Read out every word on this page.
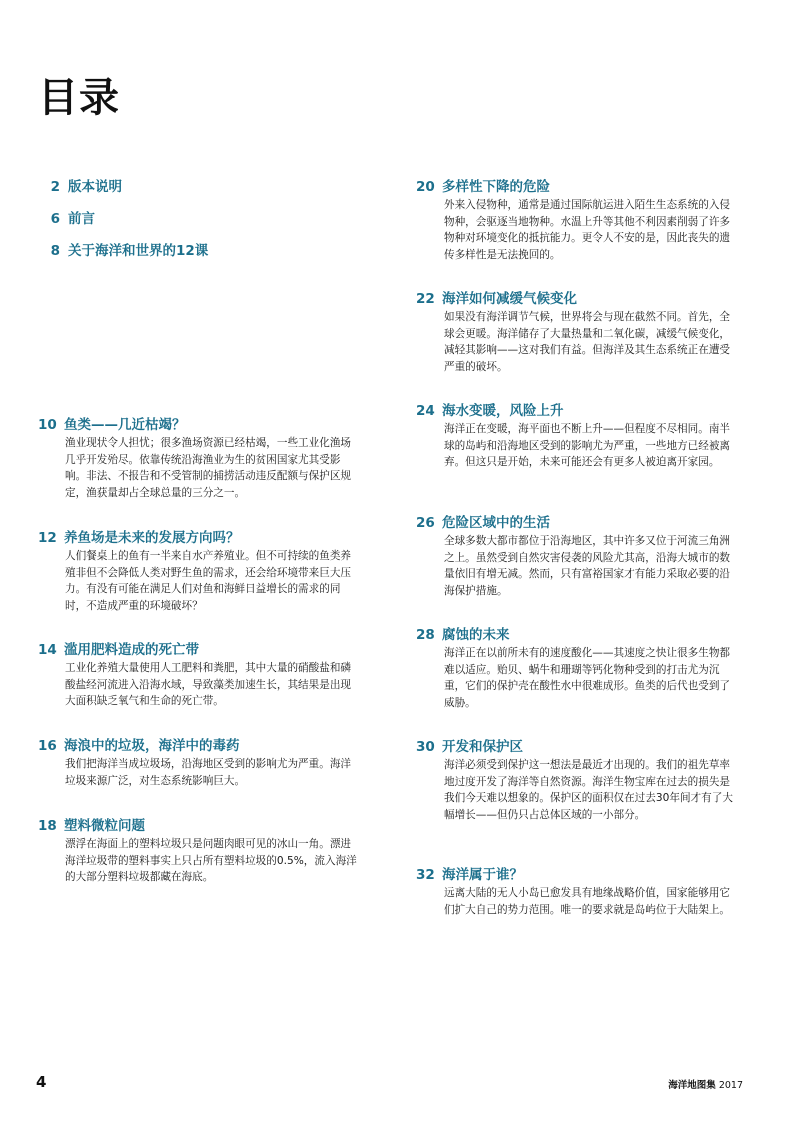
目录
2 版本说明
6 前言
8 关于海洋和世界的12课
10 鱼类——几近枯竭？
渔业现状令人担忧；很多渔场资源已经枯竭，一些工业化渔场几乎开发殆尽。依靠传统沿海渔业为生的贫困国家尤其受影响。非法、不报告和不受管制的捕捞活动违反配额与保护区规定，渔获量却占全球总量的三分之一。
12 养鱼场是未来的发展方向吗？
人们餐桌上的鱼有一半来自水产养殖业。但不可持续的鱼类养殖非但不会降低人类对野生鱼的需求，还会给环境带来巨大压力。有没有可能在满足人们对鱼和海鲜日益增长的需求的同时，不造成严重的环境破坏？
14 滥用肥料造成的死亡带
工业化养殖大量使用人工肥料和粪肥，其中大量的硝酸盐和磷酸盐经河流进入沿海水域，导致藻类加速生长，其结果是出现大面积缺乏氧气和生命的死亡带。
16 海浪中的垃圾，海洋中的毒药
我们把海洋当成垃圾场，沿海地区受到的影响尤为严重。海洋垃圾来源广泛，对生态系统影响巨大。
18 塑料微粒问题
漂浮在海面上的塑料垃圾只是问题肉眼可见的冰山一角。漂进海洋垃圾带的塑料事实上只占所有塑料垃圾的0.5%，流入海洋的大部分塑料垃圾都藏在海底。
20 多样性下降的危险
外来入侵物种，通常是通过国际航运进入陌生生态系统的入侵物种，会驱逐当地物种。水温上升等其他不利因素削弱了许多物种对环境变化的抵抗能力。更令人不安的是，因此丧失的遗传多样性是无法挽回的。
22 海洋如何减缓气候变化
如果没有海洋调节气候，世界将会与现在截然不同。首先，全球会更暖。海洋储存了大量热量和二氧化碳，减缓气候变化，减轻其影响——这对我们有益。但海洋及其生态系统正在遭受严重的破坏。
24 海水变暖，风险上升
海洋正在变暖，海平面也不断上升——但程度不尽相同。南半球的岛屿和沿海地区受到的影响尤为严重，一些地方已经被离弃。但这只是开始，未来可能还会有更多人被迫离开家园。
26 危险区域中的生活
全球多数大都市都位于沿海地区，其中许多又位于河流三角洲之上。虽然受到自然灾害侵袭的风险尤其高，沿海大城市的数量依旧有增无减。然而，只有富裕国家才有能力采取必要的沿海保护措施。
28 腐蚀的未来
海洋正在以前所未有的速度酸化——其速度之快让很多生物都难以适应。贻贝、蜗牛和珊瑚等钙化物种受到的打击尤为沉重，它们的保护壳在酸性水中很难成形。鱼类的后代也受到了威胁。
30 开发和保护区
海洋必须受到保护这一想法是最近才出现的。我们的祖先草率地过度开发了海洋等自然资源。海洋生物宝库在过去的损失是我们今天难以想象的。保护区的面积仅在过去30年间才有了大幅增长——但仍只占总体区域的一小部分。
32 海洋属于谁？
远离大陆的无人小岛已愈发具有地缘战略价值，国家能够用它们扩大自己的势力范围。唯一的要求就是岛屿位于大陆架上。
4	海洋地图集 2017
